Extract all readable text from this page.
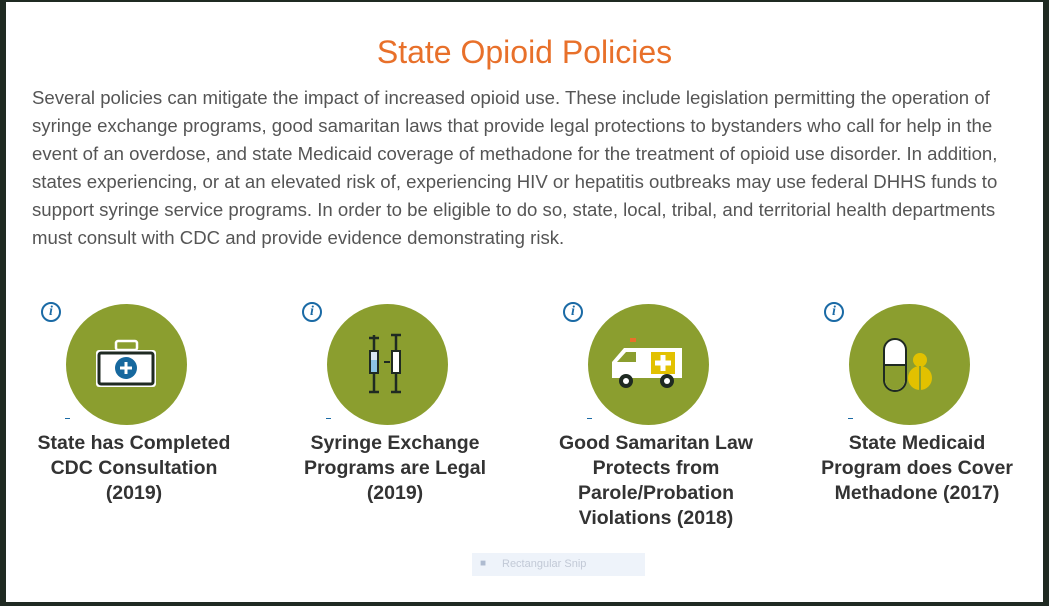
State Opioid Policies

Several policies can mitigate the impact of increased opioid use. These include legislation permitting the operation of syringe exchange programs, good samaritan laws that provide legal protections to bystanders who call for help in the event of an overdose, and state Medicaid coverage of methadone for the treatment of opioid use disorder. In addition, states experiencing, or at an elevated risk of, experiencing HIV or hepatitis outbreaks may use federal DHHS funds to support syringe service programs. In order to be eligible to do so, state, local, tribal, and territorial health departments must consult with CDC and provide evidence demonstrating risk.

i

State has Completed CDC Consultation (2019)

i

Syringe Exchange Programs are Legal (2019)

i

Good Samaritan Law Protects from Parole/Probation Violations (2018)

i

State Medicaid Program does Cover Methadone (2017)

■	Rectangular Snip
